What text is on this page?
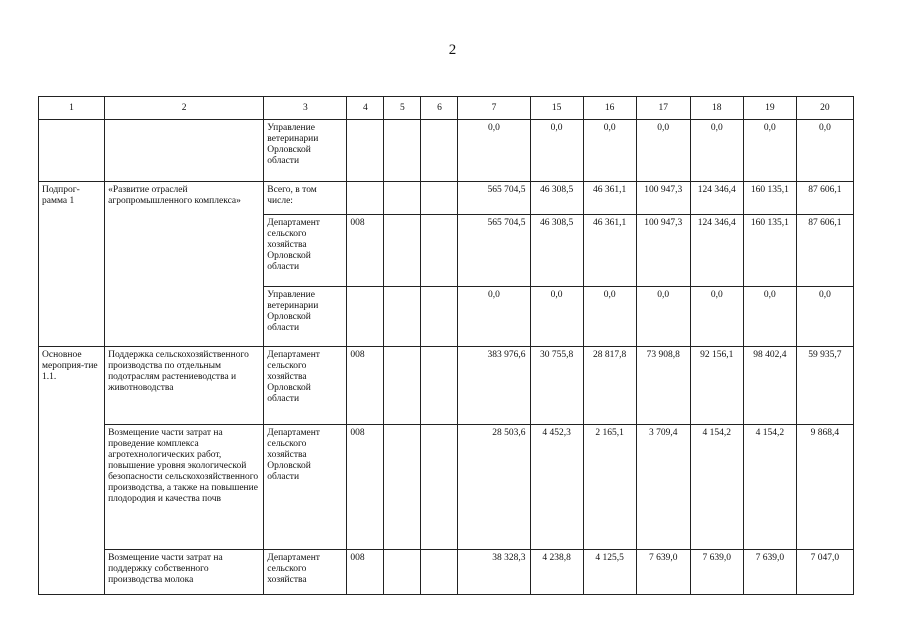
2
1	2	3	4	5	6	7	15	16	17	18	19	20
		Управление ветеринарии Орловской области				0,0	0,0	0,0	0,0	0,0	0,0	0,0
Подпрог-рамма 1	«Развитие отраслей агропромышленного комплекса»	Всего, в том числе:				565 704,5	46 308,5	46 361,1	100 947,3	124 346,4	160 135,1	87 606,1
		Департамент сельского хозяйства Орловской области	008			565 704,5	46 308,5	46 361,1	100 947,3	124 346,4	160 135,1	87 606,1
		Управление ветеринарии Орловской области				0,0	0,0	0,0	0,0	0,0	0,0	0,0
Основное мероприя-тие 1.1.	Поддержка сельскохозяйственного производства по отдельным подотраслям растениеводства и животноводства	Департамент сельского хозяйства Орловской области	008			383 976,6	30 755,8	28 817,8	73 908,8	92 156,1	98 402,4	59 935,7
	Возмещение части затрат на проведение комплекса агротехнологических работ, повышение уровня экологической безопасности сельскохозяйственного производства, а также на повышение плодородия и качества почв	Департамент сельского хозяйства Орловской области	008			28 503,6	4 452,3	2 165,1	3 709,4	4 154,2	4 154,2	9 868,4
	Возмещение части затрат на поддержку собственного производства молока	Департамент сельского хозяйства	008			38 328,3	4 238,8	4 125,5	7 639,0	7 639,0	7 639,0	7 047,0
